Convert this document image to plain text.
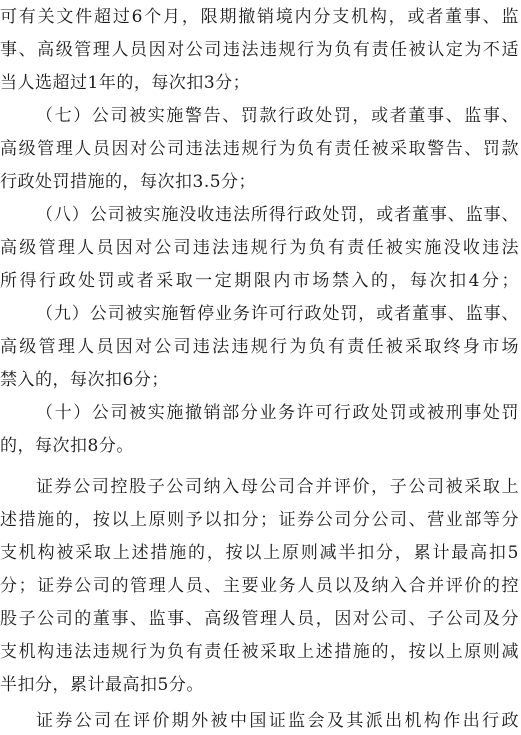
可有关文件超过6个月，限期撤销境内分支机构，或者董事、监
事、高级管理人员因对公司违法违规行为负有责任被认定为不适
当人选超过1年的，每次扣3分；
（七）公司被实施警告、罚款行政处罚，或者董事、监事、
高级管理人员因对公司违法违规行为负有责任被采取警告、罚款
行政处罚措施的，每次扣3.5分；
（八）公司被实施没收违法所得行政处罚，或者董事、监事、
高级管理人员因对公司违法违规行为负有责任被实施没收违法
所得行政处罚或者采取一定期限内市场禁入的，每次扣4分；
（九）公司被实施暂停业务许可行政处罚，或者董事、监事、
高级管理人员因对公司违法违规行为负有责任被采取终身市场
禁入的，每次扣6分；
（十）公司被实施撤销部分业务许可行政处罚或被刑事处罚
的，每次扣8分。
证券公司控股子公司纳入母公司合并评价，子公司被采取上
述措施的，按以上原则予以扣分；证券公司分公司、营业部等分
支机构被采取上述措施的，按以上原则减半扣分，累计最高扣5
分；证券公司的管理人员、主要业务人员以及纳入合并评价的控
股子公司的董事、监事、高级管理人员，因对公司、子公司及分
支机构违法违规行为负有责任被采取上述措施的，按以上原则减
半扣分，累计最高扣5分。
证券公司在评价期外被中国证监会及其派出机构作出行政
